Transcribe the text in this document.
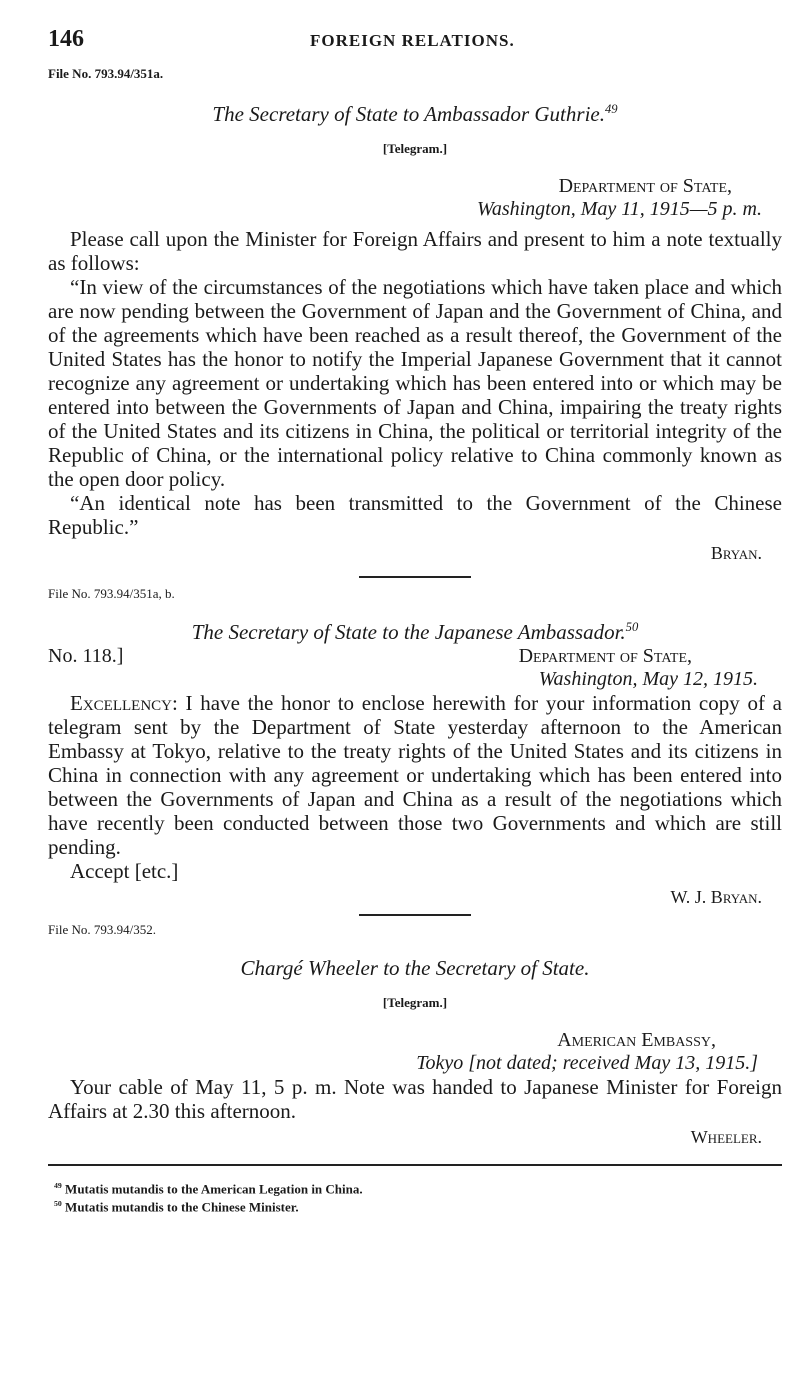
146	FOREIGN RELATIONS.

File No. 793.94/351a.

The Secretary of State to Ambassador Guthrie.$^{49}$

[Telegram.]

Department of State,

Washington, May 11, 1915—5 p. m.

Please call upon the Minister for Foreign Affairs and present to him a note textually as follows:

“In view of the circumstances of the negotiations which have taken place and which are now pending between the Government of Japan and the Government of China, and of the agreements which have been reached as a result thereof, the Government of the United States has the honor to notify the Imperial Japanese Government that it cannot recognize any agreement or undertaking which has been entered into or which may be entered into between the Governments of Japan and China, impairing the treaty rights of the United States and its citizens in China, the political or territorial integrity of the Republic of China, or the international policy relative to China commonly known as the open door policy.

“An identical note has been transmitted to the Government of the Chinese Republic.”

Bryan.

File No. 793.94/351a, b.

The Secretary of State to the Japanese Ambassador.$^{50}$

No. 118.]	Department of State,

Washington, May 12, 1915.

Excellency: I have the honor to enclose herewith for your information copy of a telegram sent by the Department of State yesterday afternoon to the American Embassy at Tokyo, relative to the treaty rights of the United States and its citizens in China in connection with any agreement or undertaking which has been entered into between the Governments of Japan and China as a result of the negotiations which have recently been conducted between those two Governments and which are still pending.

Accept [etc.]

W. J. Bryan.

File No. 793.94/352.

Chargé Wheeler to the Secretary of State.

[Telegram.]

American Embassy,

Tokyo [not dated; received May 13, 1915.]

Your cable of May 11, 5 p. m. Note was handed to Japanese Minister for Foreign Affairs at 2.30 this afternoon.

Wheeler.

$^{49}$ Mutatis mutandis to the American Legation in China.

$^{50}$ Mutatis mutandis to the Chinese Minister.
